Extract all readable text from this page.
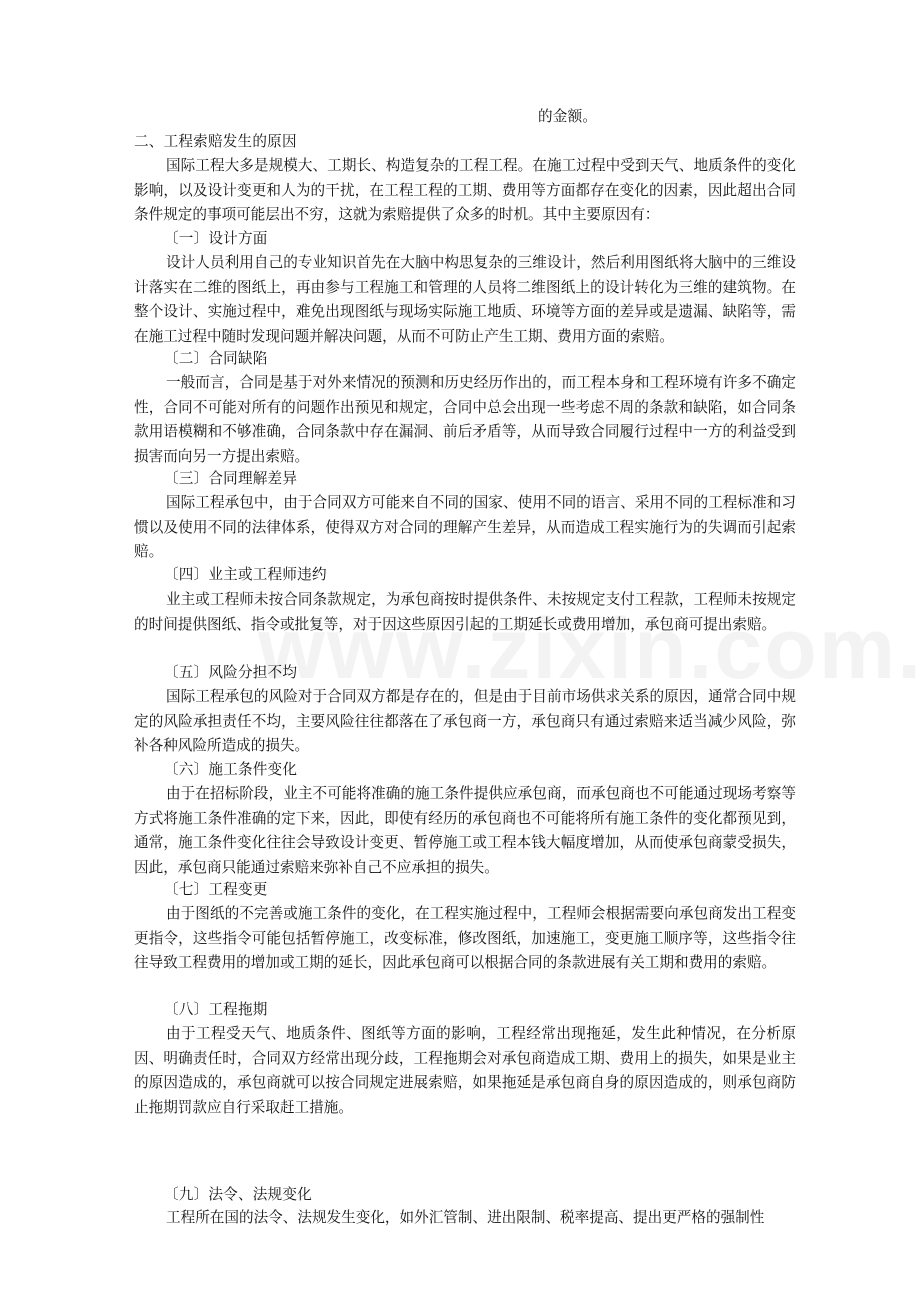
的金额。
二、工程索赔发生的原因

国际工程大多是规模大、工期长、构造复杂的工程工程。在施工过程中受到天气、地质条件的变化影响，以及设计变更和人为的干扰，在工程工程的工期、费用等方面都存在变化的因素，因此超出合同条件规定的事项可能层出不穷，这就为索赔提供了众多的时机。其中主要原因有：

〔一〕设计方面

设计人员利用自己的专业知识首先在大脑中构思复杂的三维设计，然后利用图纸将大脑中的三维设计落实在二维的图纸上，再由参与工程施工和管理的人员将二维图纸上的设计转化为三维的建筑物。在整个设计、实施过程中，难免出现图纸与现场实际施工地质、环境等方面的差异或是遗漏、缺陷等，需在施工过程中随时发现问题并解决问题，从而不可防止产生工期、费用方面的索赔。

〔二〕合同缺陷

一般而言，合同是基于对外来情况的预测和历史经历作出的，而工程本身和工程环境有许多不确定性，合同不可能对所有的问题作出预见和规定，合同中总会出现一些考虑不周的条款和缺陷，如合同条款用语模糊和不够准确，合同条款中存在漏洞、前后矛盾等，从而导致合同履行过程中一方的利益受到损害而向另一方提出索赔。

〔三〕合同理解差异

国际工程承包中，由于合同双方可能来自不同的国家、使用不同的语言、采用不同的工程标准和习惯以及使用不同的法律体系，使得双方对合同的理解产生差异，从而造成工程实施行为的失调而引起索赔。

〔四〕业主或工程师违约

业主或工程师未按合同条款规定，为承包商按时提供条件、未按规定支付工程款，工程师未按规定的时间提供图纸、指令或批复等，对于因这些原因引起的工期延长或费用增加，承包商可提出索赔。

〔五〕风险分担不均

国际工程承包的风险对于合同双方都是存在的，但是由于目前市场供求关系的原因，通常合同中规定的风险承担责任不均，主要风险往往都落在了承包商一方，承包商只有通过索赔来适当减少风险，弥补各种风险所造成的损失。

〔六〕施工条件变化

由于在招标阶段，业主不可能将准确的施工条件提供应承包商，而承包商也不可能通过现场考察等方式将施工条件准确的定下来，因此，即使有经历的承包商也不可能将所有施工条件的变化都预见到，通常，施工条件变化往往会导致设计变更、暂停施工或工程本钱大幅度增加，从而使承包商蒙受损失，因此，承包商只能通过索赔来弥补自己不应承担的损失。

〔七〕工程变更

由于图纸的不完善或施工条件的变化，在工程实施过程中，工程师会根据需要向承包商发出工程变更指令，这些指令可能包括暂停施工，改变标准，修改图纸，加速施工，变更施工顺序等，这些指令往往导致工程费用的增加或工期的延长，因此承包商可以根据合同的条款进展有关工期和费用的索赔。

〔八〕工程拖期

由于工程受天气、地质条件、图纸等方面的影响，工程经常出现拖延，发生此种情况，在分析原因、明确责任时，合同双方经常出现分歧，工程拖期会对承包商造成工期、费用上的损失，如果是业主的原因造成的，承包商就可以按合同规定进展索赔，如果拖延是承包商自身的原因造成的，则承包商防止拖期罚款应自行采取赶工措施。

〔九〕法令、法规变化

工程所在国的法令、法规发生变化，如外汇管制、进出限制、税率提高、提出更严格的强制性
